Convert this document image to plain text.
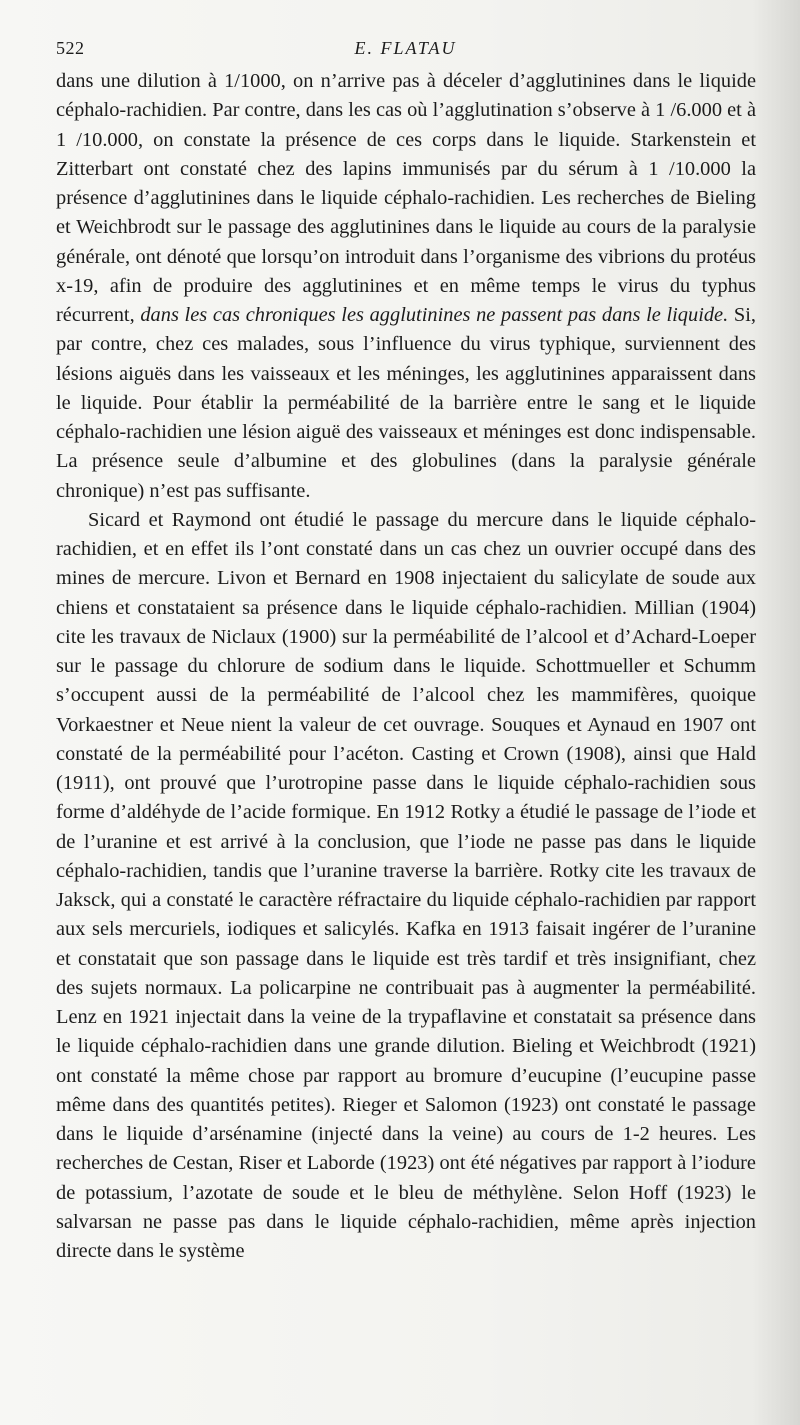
522	E. FLATAU

dans une dilution à 1/1000, on n’arrive pas à déceler d’agglutinines dans le liquide céphalo-rachidien. Par contre, dans les cas où l’agglutination s’observe à 1 /6.000 et à 1 /10.000, on constate la présence de ces corps dans le liquide. Starkenstein et Zitterbart ont constaté chez des lapins immunisés par du sérum à 1 /10.000 la présence d’agglutinines dans le liquide céphalo-rachidien. Les recherches de Bieling et Weichbrodt sur le passage des agglutinines dans le liquide au cours de la paralysie générale, ont dénoté que lorsqu’on introduit dans l’organisme des vibrions du protéus x-19, afin de produire des agglutinines et en même temps le virus du typhus récurrent, dans les cas chroniques les agglutinines ne passent pas dans le liquide. Si, par contre, chez ces malades, sous l’influence du virus typhique, surviennent des lésions aiguës dans les vaisseaux et les méninges, les agglutinines apparaissent dans le liquide. Pour établir la perméabilité de la barrière entre le sang et le liquide céphalo-rachidien une lésion aiguë des vaisseaux et méninges est donc indispensable. La présence seule d’albumine et des globulines (dans la paralysie générale chronique) n’est pas suffisante.

Sicard et Raymond ont étudié le passage du mercure dans le liquide céphalo-rachidien, et en effet ils l’ont constaté dans un cas chez un ouvrier occupé dans des mines de mercure. Livon et Bernard en 1908 injectaient du salicylate de soude aux chiens et constataient sa présence dans le liquide céphalo-rachidien. Millian (1904) cite les travaux de Niclaux (1900) sur la perméabilité de l’alcool et d’Achard-Loeper sur le passage du chlorure de sodium dans le liquide. Schottmueller et Schumm s’occupent aussi de la perméabilité de l’alcool chez les mammifères, quoique Vorkaestner et Neue nient la valeur de cet ouvrage. Souques et Aynaud en 1907 ont constaté de la perméabilité pour l’acéton. Casting et Crown (1908), ainsi que Hald (1911), ont prouvé que l’urotropine passe dans le liquide céphalo-rachidien sous forme d’aldéhyde de l’acide formique. En 1912 Rotky a étudié le passage de l’iode et de l’uranine et est arrivé à la conclusion, que l’iode ne passe pas dans le liquide céphalo-rachidien, tandis que l’uranine traverse la barrière. Rotky cite les travaux de Jaksck, qui a constaté le caractère réfractaire du liquide céphalo-rachidien par rapport aux sels mercuriels, iodiques et salicylés. Kafka en 1913 faisait ingérer de l’uranine et constatait que son passage dans le liquide est très tardif et très insignifiant, chez des sujets normaux. La policarpine ne contribuait pas à augmenter la perméabilité. Lenz en 1921 injectait dans la veine de la trypaflavine et constatait sa présence dans le liquide céphalo-rachidien dans une grande dilution. Bieling et Weichbrodt (1921) ont constaté la même chose par rapport au bromure d’eucupine (l’eucupine passe même dans des quantités petites). Rieger et Salomon (1923) ont constaté le passage dans le liquide d’arsénamine (injecté dans la veine) au cours de 1-2 heures. Les recherches de Cestan, Riser et Laborde (1923) ont été négatives par rapport à l’iodure de potassium, l’azotate de soude et le bleu de méthylène. Selon Hoff (1923) le salvarsan ne passe pas dans le liquide céphalo-rachidien, même après injection directe dans le système
